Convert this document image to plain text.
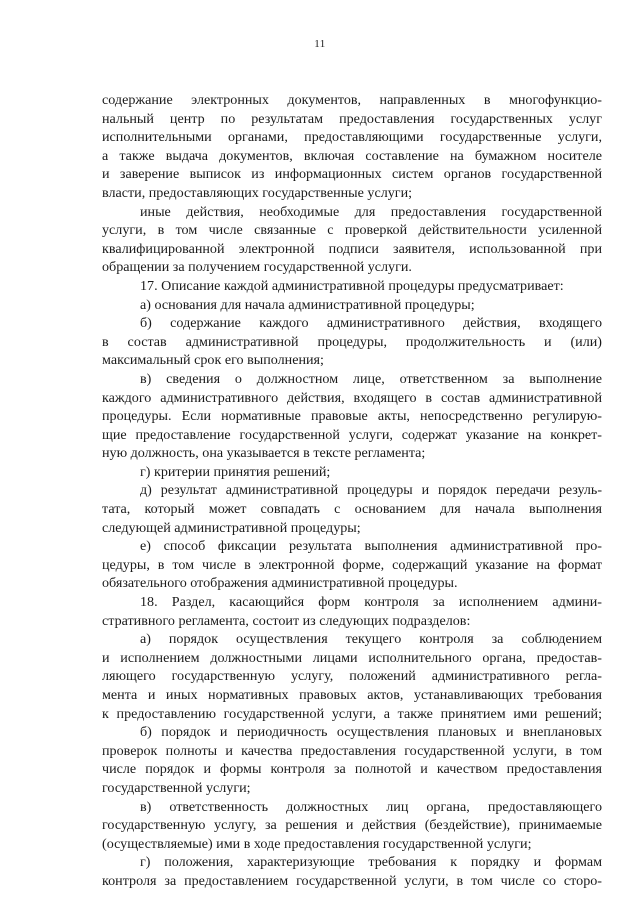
11
содержание электронных документов, направленных в многофункцио-
нальный центр по результатам предоставления государственных услуг
исполнительными органами, предоставляющими государственные услуги,
а также выдача документов, включая составление на бумажном носителе
и заверение выписок из информационных систем органов государственной
власти, предоставляющих государственные услуги;
иные действия, необходимые для предоставления государственной
услуги, в том числе связанные с проверкой действительности усиленной
квалифицированной электронной подписи заявителя, использованной при
обращении за получением государственной услуги.
17. Описание каждой административной процедуры предусматривает:
а) основания для начала административной процедуры;
б) содержание каждого административного действия, входящего
в состав административной процедуры, продолжительность и (или)
максимальный срок его выполнения;
в) сведения о должностном лице, ответственном за выполнение
каждого административного действия, входящего в состав административной
процедуры. Если нормативные правовые акты, непосредственно регулирую-
щие предоставление государственной услуги, содержат указание на конкрет-
ную должность, она указывается в тексте регламента;
г) критерии принятия решений;
д) результат административной процедуры и порядок передачи резуль-
тата, который может совпадать с основанием для начала выполнения
следующей административной процедуры;
е) способ фиксации результата выполнения административной про-
цедуры, в том числе в электронной форме, содержащий указание на формат
обязательного отображения административной процедуры.
18. Раздел, касающийся форм контроля за исполнением админи-
стративного регламента, состоит из следующих подразделов:
а) порядок осуществления текущего контроля за соблюдением
и исполнением должностными лицами исполнительного органа, предостав-
ляющего государственную услугу, положений административного регла-
мента и иных нормативных правовых актов, устанавливающих требования
к предоставлению государственной услуги, а также принятием ими решений;
б) порядок и периодичность осуществления плановых и внеплановых
проверок полноты и качества предоставления государственной услуги, в том
числе порядок и формы контроля за полнотой и качеством предоставления
государственной услуги;
в) ответственность должностных лиц органа, предоставляющего
государственную услугу, за решения и действия (бездействие), принимаемые
(осуществляемые) ими в ходе предоставления государственной услуги;
г) положения, характеризующие требования к порядку и формам
контроля за предоставлением государственной услуги, в том числе со сторо-
